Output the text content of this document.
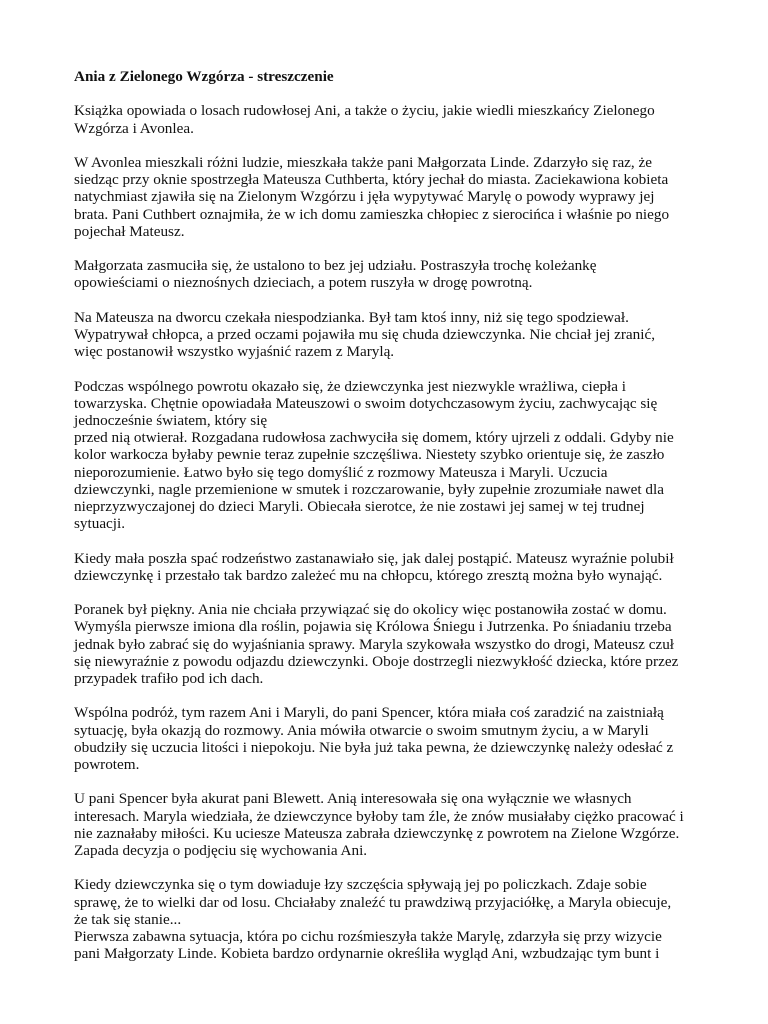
Ania z Zielonego Wzgórza - streszczenie
Książka opowiada o losach rudowłosej Ani, a także o życiu, jakie wiedli mieszkańcy Zielonego
Wzgórza i Avonlea.
W Avonlea mieszkali różni ludzie, mieszkała także pani Małgorzata Linde. Zdarzyło się raz, że
siedząc przy oknie spostrzegła Mateusza Cuthberta, który jechał do miasta. Zaciekawiona kobieta
natychmiast zjawiła się na Zielonym Wzgórzu i jęła wypytywać Marylę o powody wyprawy jej
brata. Pani Cuthbert oznajmiła, że w ich domu zamieszka chłopiec z sierocińca i właśnie po niego
pojechał Mateusz.
Małgorzata zasmuciła się, że ustalono to bez jej udziału. Postraszyła trochę koleżankę
opowieściami o nieznośnych dzieciach, a potem ruszyła w drogę powrotną.
Na Mateusza na dworcu czekała niespodzianka. Był tam ktoś inny, niż się tego spodziewał.
Wypatrywał chłopca, a przed oczami pojawiła mu się chuda dziewczynka. Nie chciał jej zranić,
więc postanowił wszystko wyjaśnić razem z Marylą.
Podczas wspólnego powrotu okazało się, że dziewczynka jest niezwykle wrażliwa, ciepła i
towarzyska. Chętnie opowiadała Mateuszowi o swoim dotychczasowym życiu, zachwycając się
jednocześnie światem, który się
przed nią otwierał. Rozgadana rudowłosa zachwyciła się domem, który ujrzeli z oddali. Gdyby nie
kolor warkocza byłaby pewnie teraz zupełnie szczęśliwa. Niestety szybko orientuje się, że zaszło
nieporozumienie. Łatwo było się tego domyślić z rozmowy Mateusza i Maryli. Uczucia
dziewczynki, nagle przemienione w smutek i rozczarowanie, były zupełnie zrozumiałe nawet dla
nieprzyzwyczajonej do dzieci Maryli. Obiecała sierotce, że nie zostawi jej samej w tej trudnej
sytuacji.
Kiedy mała poszła spać rodzeństwo zastanawiało się, jak dalej postąpić. Mateusz wyraźnie polubił
dziewczynkę i przestało tak bardzo zależeć mu na chłopcu, którego zresztą można było wynająć.
Poranek był piękny. Ania nie chciała przywiązać się do okolicy więc postanowiła zostać w domu.
Wymyśla pierwsze imiona dla roślin, pojawia się Królowa Śniegu i Jutrzenka. Po śniadaniu trzeba
jednak było zabrać się do wyjaśniania sprawy. Maryla szykowała wszystko do drogi, Mateusz czuł
się niewyraźnie z powodu odjazdu dziewczynki. Oboje dostrzegli niezwykłość dziecka, które przez
przypadek trafiło pod ich dach.
Wspólna podróż, tym razem Ani i Maryli, do pani Spencer, która miała coś zaradzić na zaistniałą
sytuację, była okazją do rozmowy. Ania mówiła otwarcie o swoim smutnym życiu, a w Maryli
obudziły się uczucia litości i niepokoju. Nie była już taka pewna, że dziewczynkę należy odesłać z
powrotem.
U pani Spencer była akurat pani Blewett. Anią interesowała się ona wyłącznie we własnych
interesach. Maryla wiedziała, że dziewczynce byłoby tam źle, że znów musiałaby ciężko pracować i
nie zaznałaby miłości. Ku uciesze Mateusza zabrała dziewczynkę z powrotem na Zielone Wzgórze.
Zapada decyzja o podjęciu się wychowania Ani.
Kiedy dziewczynka się o tym dowiaduje łzy szczęścia spływają jej po policzkach. Zdaje sobie
sprawę, że to wielki dar od losu. Chciałaby znaleźć tu prawdziwą przyjaciółkę, a Maryla obiecuje,
że tak się stanie...
Pierwsza zabawna sytuacja, która po cichu rozśmieszyła także Marylę, zdarzyła się przy wizycie
pani Małgorzaty Linde. Kobieta bardzo ordynarnie określiła wygląd Ani, wzbudzając tym bunt i
